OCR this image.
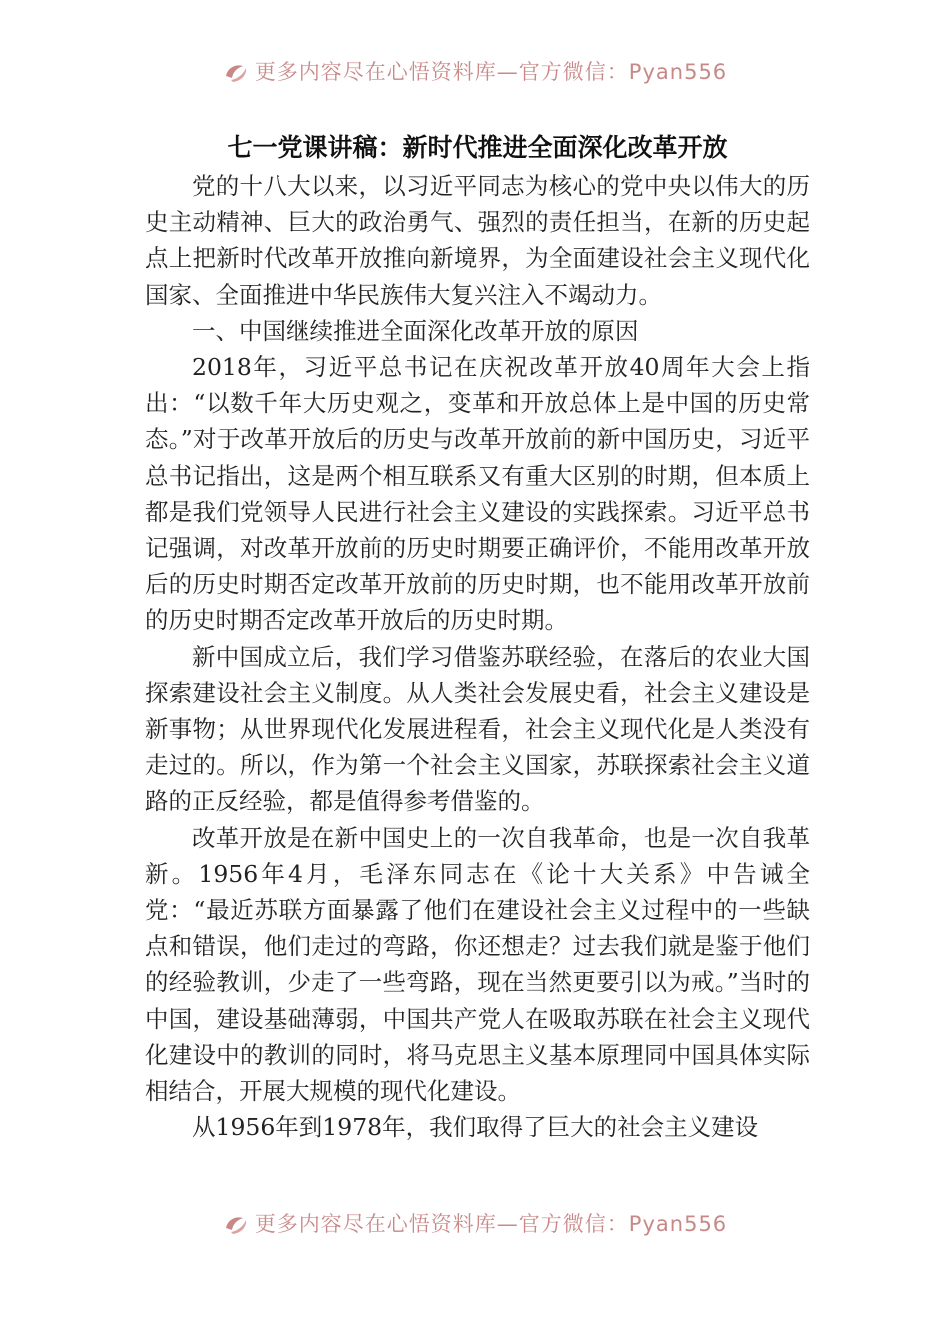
更多内容尽在心悟资料库—官方微信：Pyan556
七一党课讲稿：新时代推进全面深化改革开放

党的十八大以来，以习近平同志为核心的党中央以伟大的历史主动精神、巨大的政治勇气、强烈的责任担当，在新的历史起点上把新时代改革开放推向新境界，为全面建设社会主义现代化国家、全面推进中华民族伟大复兴注入不竭动力。

一、中国继续推进全面深化改革开放的原因

2018年，习近平总书记在庆祝改革开放40周年大会上指出：“以数千年大历史观之，变革和开放总体上是中国的历史常态。”对于改革开放后的历史与改革开放前的新中国历史，习近平总书记指出，这是两个相互联系又有重大区别的时期，但本质上都是我们党领导人民进行社会主义建设的实践探索。习近平总书记强调，对改革开放前的历史时期要正确评价，不能用改革开放后的历史时期否定改革开放前的历史时期，也不能用改革开放前的历史时期否定改革开放后的历史时期。

新中国成立后，我们学习借鉴苏联经验，在落后的农业大国探索建设社会主义制度。从人类社会发展史看，社会主义建设是新事物；从世界现代化发展进程看，社会主义现代化是人类没有走过的。所以，作为第一个社会主义国家，苏联探索社会主义道路的正反经验，都是值得参考借鉴的。

改革开放是在新中国史上的一次自我革命，也是一次自我革新。1956年4月，毛泽东同志在《论十大关系》中告诫全党：“最近苏联方面暴露了他们在建设社会主义过程中的一些缺点和错误，他们走过的弯路，你还想走？过去我们就是鉴于他们的经验教训，少走了一些弯路，现在当然更要引以为戒。”当时的中国，建设基础薄弱，中国共产党人在吸取苏联在社会主义现代化建设中的教训的同时，将马克思主义基本原理同中国具体实际相结合，开展大规模的现代化建设。

从1956年到1978年，我们取得了巨大的社会主义建设

更多内容尽在心悟资料库—官方微信：Pyan556
